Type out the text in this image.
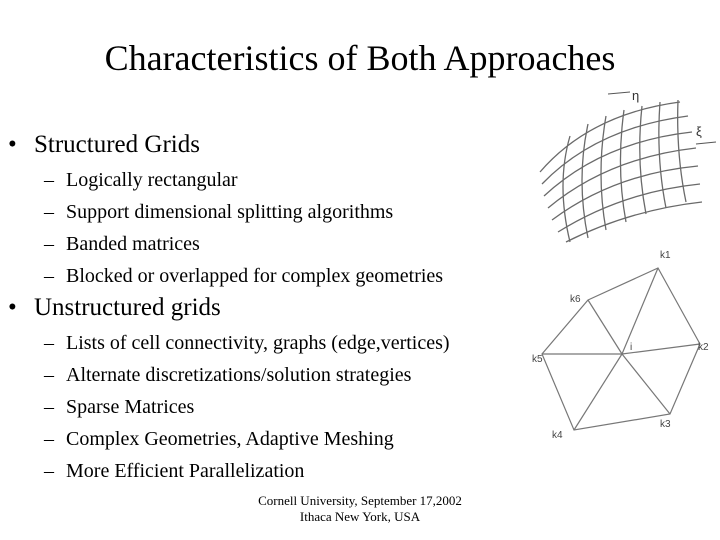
Characteristics of Both Approaches
• Structured Grids
– Logically rectangular
– Support dimensional splitting algorithms
– Banded matrices
– Blocked or overlapped for complex geometries
• Unstructured grids
– Lists of cell connectivity, graphs (edge,vertices)
– Alternate discretizations/solution strategies
– Sparse Matrices
– Complex Geometries, Adaptive Meshing
– More Efficient Parallelization
η
ξ
k1
k2
k3
k4
k5
k6
i
Cornell University, September 17,2002
Ithaca New York, USA
